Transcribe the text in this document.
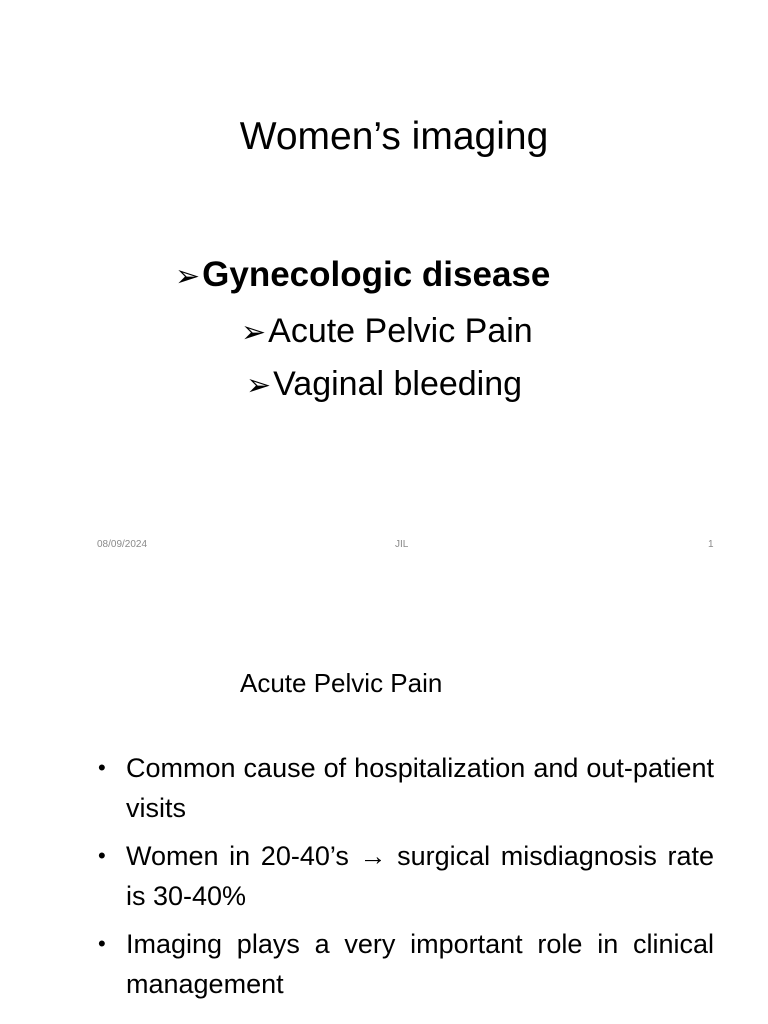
Women’s imaging
➢Gynecologic disease
➢Acute Pelvic Pain
➢Vaginal bleeding
08/09/2024	JIL	1
Acute Pelvic Pain
• Common cause of hospitalization and out-patient visits
• Women in 20-40’s → surgical misdiagnosis rate is 30-40%
• Imaging plays a very important role in clinical management
